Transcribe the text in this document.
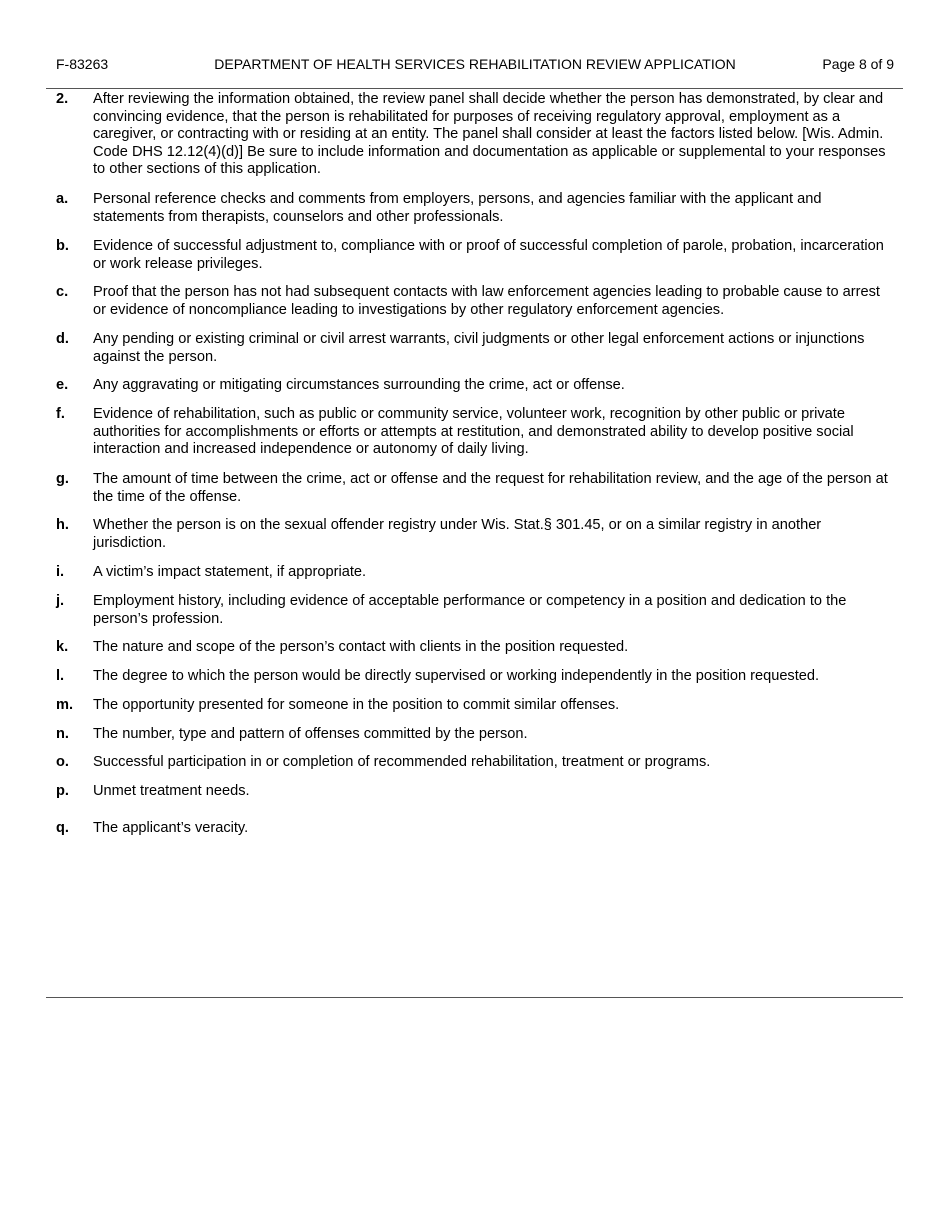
F-83263	DEPARTMENT OF HEALTH SERVICES REHABILITATION REVIEW APPLICATION	Page 8 of 9
2. After reviewing the information obtained, the review panel shall decide whether the person has demonstrated, by clear and convincing evidence, that the person is rehabilitated for purposes of receiving regulatory approval, employment as a caregiver, or contracting with or residing at an entity. The panel shall consider at least the factors listed below. [Wis. Admin. Code DHS 12.12(4)(d)] Be sure to include information and documentation as applicable or supplemental to your responses to other sections of this application.
a. Personal reference checks and comments from employers, persons, and agencies familiar with the applicant and statements from therapists, counselors and other professionals.
b. Evidence of successful adjustment to, compliance with or proof of successful completion of parole, probation, incarceration or work release privileges.
c. Proof that the person has not had subsequent contacts with law enforcement agencies leading to probable cause to arrest or evidence of noncompliance leading to investigations by other regulatory enforcement agencies.
d. Any pending or existing criminal or civil arrest warrants, civil judgments or other legal enforcement actions or injunctions against the person.
e. Any aggravating or mitigating circumstances surrounding the crime, act or offense.
f. Evidence of rehabilitation, such as public or community service, volunteer work, recognition by other public or private authorities for accomplishments or efforts or attempts at restitution, and demonstrated ability to develop positive social interaction and increased independence or autonomy of daily living.
g. The amount of time between the crime, act or offense and the request for rehabilitation review, and the age of the person at the time of the offense.
h. Whether the person is on the sexual offender registry under Wis. Stat.§ 301.45, or on a similar registry in another jurisdiction.
i. A victim’s impact statement, if appropriate.
j. Employment history, including evidence of acceptable performance or competency in a position and dedication to the person’s profession.
k. The nature and scope of the person’s contact with clients in the position requested.
l. The degree to which the person would be directly supervised or working independently in the position requested.
m. The opportunity presented for someone in the position to commit similar offenses.
n. The number, type and pattern of offenses committed by the person.
o. Successful participation in or completion of recommended rehabilitation, treatment or programs.
p. Unmet treatment needs.
q. The applicant’s veracity.
